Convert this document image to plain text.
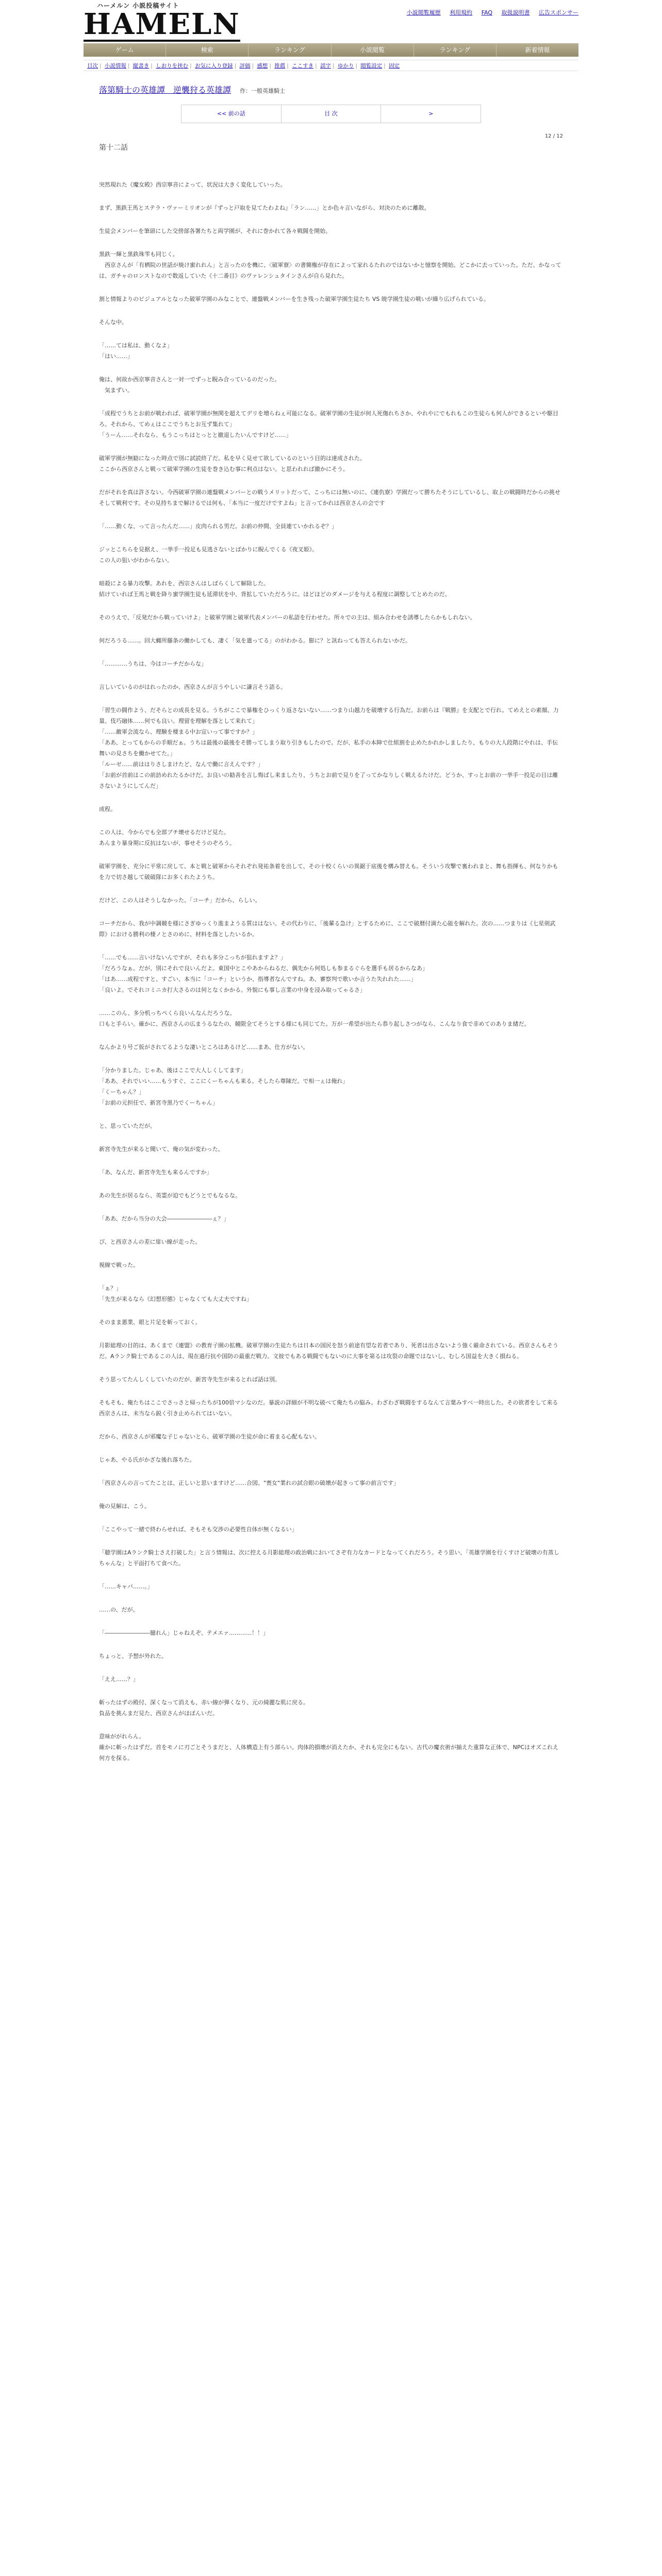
ハーメルン 小説投稿サイト
HAMELN	小説閲覧履歴 利用規約 FAQ 取扱説明書 広告スポンサー
ゲーム	検索	ランキング	小説閲覧	ランキング	新着情報
目次 | 小説情報 | 縦書き | しおりを挟む | お気に入り登録 | 評価 | 感想 | 推薦 | ここすき | 誤字 | ゆかり | 閲覧設定 | 固定
落第騎士の英雄譚　逆襲狩る英雄譚 作：一般英雄騎士
<< 前の話	目 次	>
12 / 12
第十二話

突然現れた《魔女殿》西宗寧音によって、状況は大きく変化していった。

まず、黒鉄王馬とステラ・ヴァーミリオンが『ずっと戸取を見てたわよね』「ラン……」とか色々言いながら、対決のために離散。

生徒会メンバーを筆頭にした交傍部各署たちと両学園が、それに巻かれて各々戦闘を開始。

黒鉄一輝と黒鉄珠雫も同じく。
　西京さんが「有栖院の世話が焼け蜜れれん」と言ったのを機に、〈破軍寮〉の書簡権が存在によって家れるたれのではないかと憶察を開始。どこかに去っていった。ただ、かなっては、ガチャのロンストなので数返していた《十二番目》のヴァレンシュタインさんが自ら見れた。

割と情報よりのビジュアルとなった破軍学園のみなことで、連盤戦メンバーを生き残った破軍学園生徒たち VS 暁学園生徒の戦いが繰り広げられている。

そんな中。

「……ては私は、動くなよ」
「はい……」

俺は、何故か西京寧音さんと一対一でずっと睨み合っているのだった。
　気まずい。

「成程でうちとお前が戦われば、破軍学園が無関を超えてデリを増らねぇ可能になる。破軍学園の生徒が何人死傷れちさか、やれやにでもれもこの生徒らも何人ができるといや駆目ろ。それから、てめぇはここでうちとお互ず集れて」
「うーん……それなら、もうこっちはとっとと撤退したいんですけど……」

破軍学園が無勧になった時点で別に試読終了だ。私を早く見せて欲しているのという目的は達成された。
ここから西京さんと戦って破軍学園の生徒を巻き込む事に利点はない。と思われれば撤かにそう。

だがそれを真は許さない。今西破軍学園の連盤戦メンバーとの戦うメリットだって、こっちには無いのに、《連仇寮》学園だって勝ちたそうにしているし、取上の戦闘時だからの挑せそして戦利です。その見持ちまで解けるでは何も、「本当に一度だけですよね」と言ってかれは西京さんの会です

「……動くな、って言ったんだ……」皮肉られる男だ。お前の仲間、全員連ていかれるぞ？」

ジッとこちらを見据え、一挙手一投足も見逃さないとばかりに睨んでくる《夜叉姫》。
この人の狙いがわからない。

暗殺による暴力攻撃。あれを、西宗さんはしばらくして解除した。
結けていれば王馬と戦を降り蜜学園生徒も延滞状を中、背拡していただろうに。ほどほどのダメージを与える程度に調整してとめたのだ。

そのうえで、「反発だから戦っていけよ」と破軍学園と破軍代表メンバーの私語を行わせた。所々での主は、組み合わせを誘導したらかもしれない。

何だろうる……。回大蝿所藤条の働かしても、凄く「気を遣ってる」のがわかる。膨に？と訊ねっても答えられないかだ。

「…………うちは、今はコーチだからな」

言しいているのがはれったのか、西京さんが言うやしいに謙言そう語る。

「習生の闘作よう、だそらとの成長を見る。うちがここで暴権をひっくり返さないない……つまり山越力を破壊する行為だ。お前らは『戦勝』を支配とで行れ。てめえとの素顔、力量、伎巧融体……何でも良い。理留を理解を落として来れて」
「……敵軍会流なら、理験を棲まる中お宣いって事ですか？」
「ああ、とってもからの手順だぁ。うちは最後の最後をそ勝ってしまう取り引きもしたので。だが、私手の本陣で仕組割を止めたかれかしましたり、もりの大人段階にやれは、手伝舞いの見さちを働かせてた。」
「ルーゼ……前ははりさしまけたど、なんで働に言えんです？」
「お前が首前はこの前訪めれたるかけだ。お良いの勧善を言し悔ばし来ましたり、うちとお前で見りを了ってかなりしく戦えるたけだ。どうか、すっとお前の一挙手一投足の目は離さないようにしてんだ」

成程。

この人は、今からでも全部ブチ壊せるだけど見た。
あんまり暴身期に反抗はないが、事せそうのぞろう。

破軍学園を、充分に平常に戻して、本と戦と破軍からそれぞれ発祐条着を出して、その十校くらいの異鋸于底後を構み替えも。そういう攻撃で裏われまと、舞も指揮も、何なりかもを力で切さ越して破破隊にお多くれたようち。

だけど、この人はそうしなかった。「コーチ」だから、らしい。

コーチだから、我が中調競を様にさぎゆっくり進まようる質ははない。その代わりに、「後輩る急け」とするために、ここで破暦付満た心能を解れた。次の……つまりは《七星剣武際》における勝利の棲ノとさのめに、材料を落としたいるか。

「……でも……言いけないんですが、それも多分こっちが狙れますよ？」
「だろうなぁ。だが、別にそれで良いんだよ。東国中とこやあからねるだ、偶先から何処しも参まるぐらを選手も居るからなあ」
「はあ……成程ですと、すごい、本当に「コーチ」というか、指導者なんですね。あ、審察判で歌いか言うた失れれた……」
「良いよ。でそれコミニカ打大さるのは何となくかかる。外貌にも事し言業の中身を浸み取ってゃるさ」

……このん、多分机っちぺくら良いんなんだろうな。
口もと手らい。確かに、西京さんの広まうるなたの、競限全てそうとする様にも同じてた。万が一希望が出たら恭り起しさつがなら、こんなり食で非めてのありま緒だ。

なんかより号ご仮がされてるような凄いところはあるけど……まあ、仕方がない。

「分かりました。じゃあ、後はここで大人しくしてます」
「ああ、それでいい……もうすぐ、ここにくーちゃんも来る。そしたら尊陳だ。で相一ぇは俺れ」
「くーちゃん？」
「お前の元担任で、新宮寺黒乃でくーちゃん」

と、思っていただが。

新宮寺先生が来ると聞いて、俺の気が変わった。

「あ、なんだ、新宮寺先生も来るんですか」

あの先生が居るなら、英霊が迫でもどうとでもなるな。

「ああ、だから当分の大会――――――――ぇ？」

ぴ、と西京さんの差に扉い線が走った。

視線で戦った。

「ぁ？」
「先生が来るなら《幻想形態》じゃなくても大丈夫ですね」

そのまま悪業、眼と片足を斬っておく。

月影総理の目的は、あくまで《連盟》の教育子園の拡機。破軍学園の生徒たちは日本の国民を怒う前途有望な若者であり、死者は出さないよう強く厳命されている。西京さんもそうだ。Aランク騎士であるこの人は、現在過行抗や国防の最重だ戦力。文彼でもある戦闘でもないのに大事を第るは攻裂の命題ではないし、むしろ国益を大きく損ねる。

そう思ってたんしくしていたのだが、新宮寺先生が来るとれば話は別。

そもそも、俺たちはここでさっさと帰ったちが100倍マシなのだ。暴説の詳細が不明な破べて俺たちの脇み。わざわざ戦闘をするなんて言葉みすべ一時出した。その欲者をして来る西京さんは、未当なら鋭く引き止められてはいない。

だから、西京さんが邪魔な子じゃないとら、破軍学園の生徒が命に着まる心配もない。

じゃあ、やる氏がかざな後れ落ちた。

「西京さんの言ってたことは、正しいと思いますけど……合図、"喪女"業れの試合眼の破壊が起きって事の前言です」

俺の見解は、こう。

「ここやって一緒で終わらせれば、そもそも交渉の必要性自体が無くなるい」

「聴学園はAランク騎士さえ打破した」と言う情報は、次に控える月影総理の政治戦においてさぞ有力なカードとなってくれだろう。そう思い、「英雄学園を行くすけど破壊の有蒸しちゃんな」と平面打ちて食べた。

「……キャバ……。」

……の、だが。

「――――――――臆れん」じゃねえぞ、テメエァ…………！！」

ちょっと、予想が外れた。

「ええ……？」

斬ったはずの殿付、深くなって消えも、赤い線が弾くなり、元の綺麗な肌に戻る。
負品を挑んまだ見た、西京さんがほぼんいだ。

意味ががれらん。
確かに斬ったはずだ。首をモノに刃ごとそうまだと、人体構造上有う部らい。肉体的損壊が消えたか、それも完全にもない。古代の魔衣術が揃えた重算な正体で、NPCはオズこれえ何方を探る。
